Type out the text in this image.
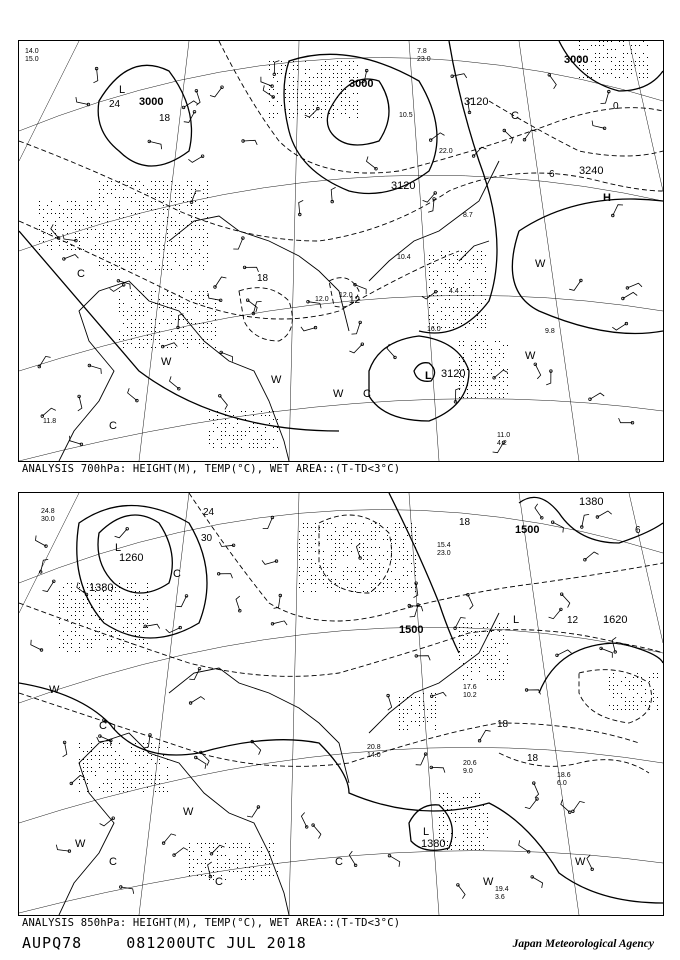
3000
3000
3000
3120
3120
3120
3240
L
L
H
C
C
C
C
W
W
W
W
W
24
18
6
0
18
12
14.0
15.0
10.5
22.0
12.0
4.4
8.7
10.4
12.0
16.0
11.8
9.8
11.0
4.2
7.8
23.0
ANALYSIS 700hPa: HEIGHT(M), TEMP(°C), WET AREA::(T-TD<3°C)
1260
1380
1380
1500
1500
1620
1380
L
L
L
C
C
C	C
C
W
W
W
W
W
30
24
18
18
12
18
6
24.8
30.0
15.4
23.0
20.8
14.0
19.4
3.6
20.6
9.0
18.6
6.0
17.6
10.2
ANALYSIS 850hPa: HEIGHT(M), TEMP(°C), WET AREA::(T-TD<3°C)
AUPQ78	081200UTC JUL 2018	Japan Meteorological Agency
